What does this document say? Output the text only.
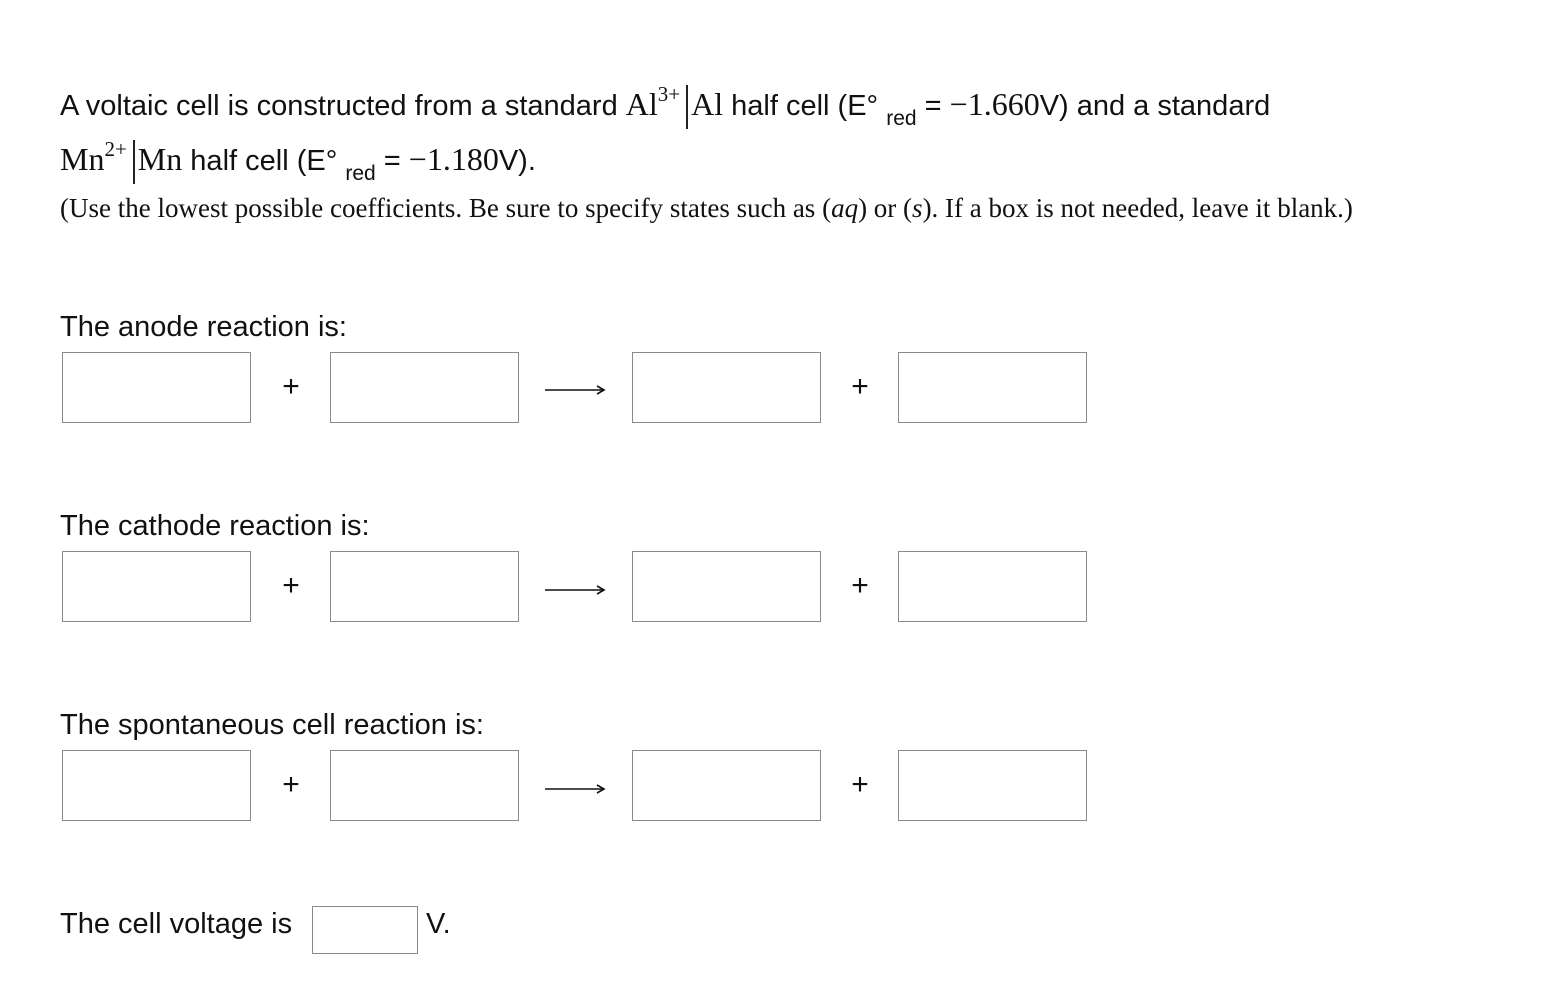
A voltaic cell is constructed from a standard $Al^{3+}$ Al half cell (E° $_{red}$ = −1.660V) and a standard
$Mn^{2+}$ Mn half cell (E° $_{red}$ = −1.180V).
(Use the lowest possible coefficients. Be sure to specify states such as (aq) or (s). If a box is not needed, leave it blank.)
The anode reaction is:
+	+
The cathode reaction is:
+	+
The spontaneous cell reaction is:
+	+
The cell voltage is	V.
